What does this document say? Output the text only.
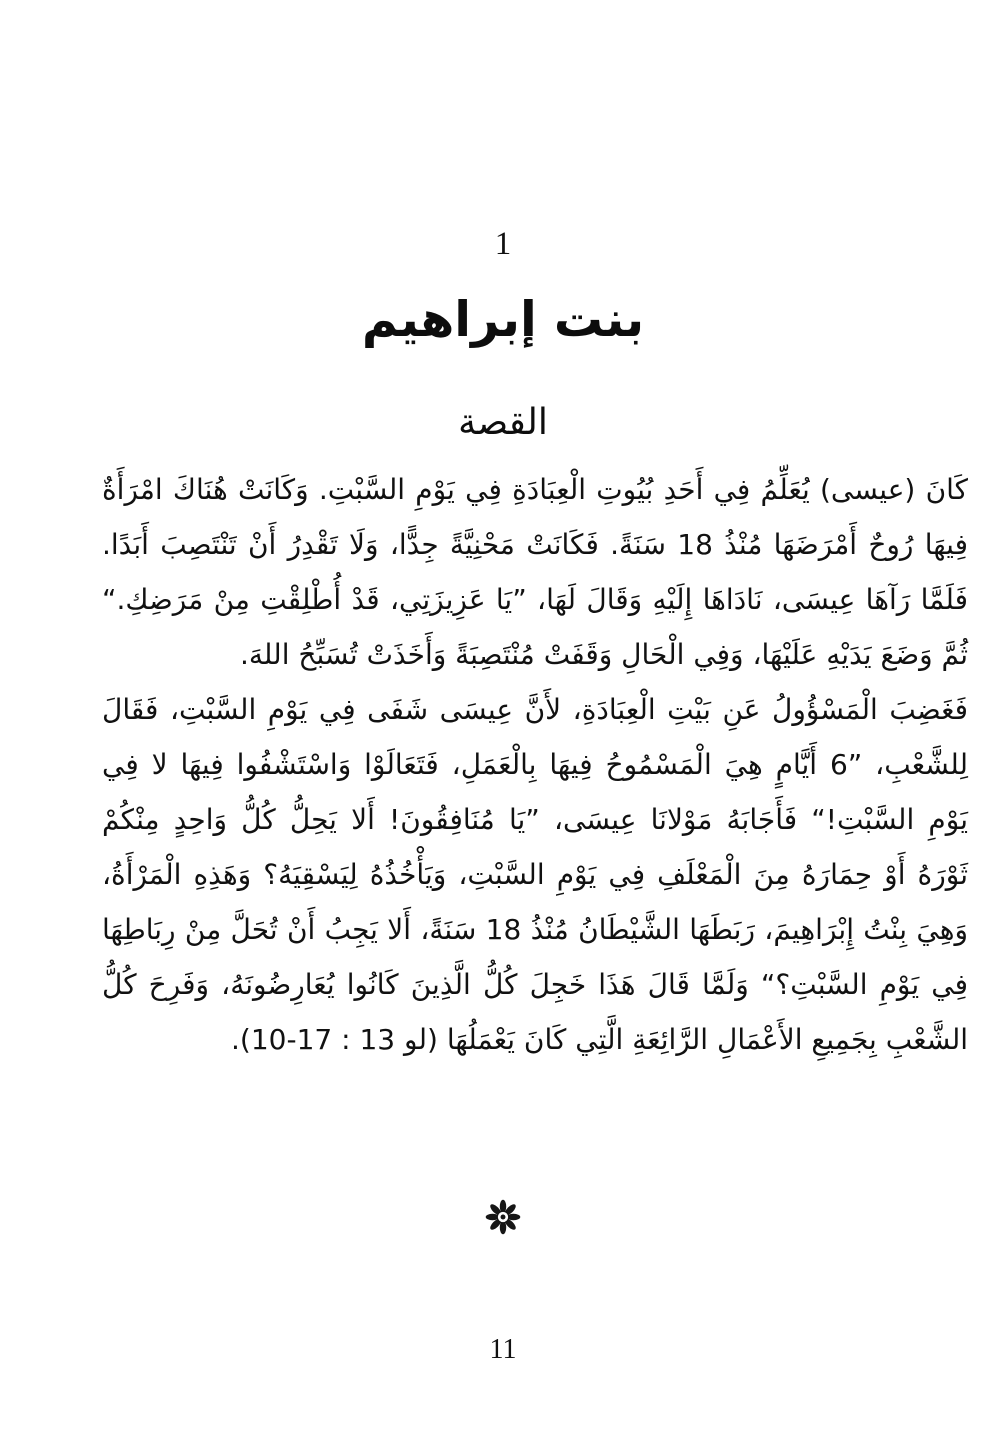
1
بنت إبراهيم
القصة

كَانَ (عيسى) يُعَلِّمُ فِي أَحَدِ بُيُوتِ الْعِبَادَةِ فِي يَوْمِ السَّبْتِ. وَكَانَتْ هُنَاكَ امْرَأَةٌ فِيهَا رُوحٌ أَمْرَضَهَا مُنْذُ 18 سَنَةً. فَكَانَتْ مَحْنِيَّةً جِدًّا، وَلَا تَقْدِرُ أَنْ تَنْتَصِبَ أَبَدًا. فَلَمَّا رَآهَا عِيسَى، نَادَاهَا إِلَيْهِ وَقَالَ لَهَا، ”يَا عَزِيزَتِي، قَدْ أُطْلِقْتِ مِنْ مَرَضِكِ.“ ثُمَّ وَضَعَ يَدَيْهِ عَلَيْهَا، وَفِي الْحَالِ وَقَفَتْ مُنْتَصِبَةً وَأَخَذَتْ تُسَبِّحُ اللهَ.

فَغَضِبَ الْمَسْؤُولُ عَنِ بَيْتِ الْعِبَادَةِ، لأَنَّ عِيسَى شَفَى فِي يَوْمِ السَّبْتِ، فَقَالَ لِلشَّعْبِ، ”6 أَيَّامٍ هِيَ الْمَسْمُوحُ فِيهَا بِالْعَمَلِ، فَتَعَالَوْا وَاسْتَشْفُوا فِيهَا لا فِي يَوْمِ السَّبْتِ!“ فَأَجَابَهُ مَوْلانَا عِيسَى، ”يَا مُنَافِقُونَ! أَلا يَحِلُّ كُلُّ وَاحِدٍ مِنْكُمْ ثَوْرَهُ أَوْ حِمَارَهُ مِنَ الْمَعْلَفِ فِي يَوْمِ السَّبْتِ، وَيَأْخُذُهُ لِيَسْقِيَهُ؟ وَهَذِهِ الْمَرْأَةُ، وَهِيَ بِنْتُ إِبْرَاهِيمَ، رَبَطَهَا الشَّيْطَانُ مُنْذُ 18 سَنَةً، أَلا يَجِبُ أَنْ تُحَلَّ مِنْ رِبَاطِهَا فِي يَوْمِ السَّبْتِ؟“ وَلَمَّا قَالَ هَذَا خَجِلَ كُلُّ الَّذِينَ كَانُوا يُعَارِضُونَهُ، وَفَرِحَ كُلُّ الشَّعْبِ بِجَمِيعِ الأَعْمَالِ الرَّائِعَةِ الَّتِي كَانَ يَعْمَلُهَا (لو 13 : 17-10).

11
